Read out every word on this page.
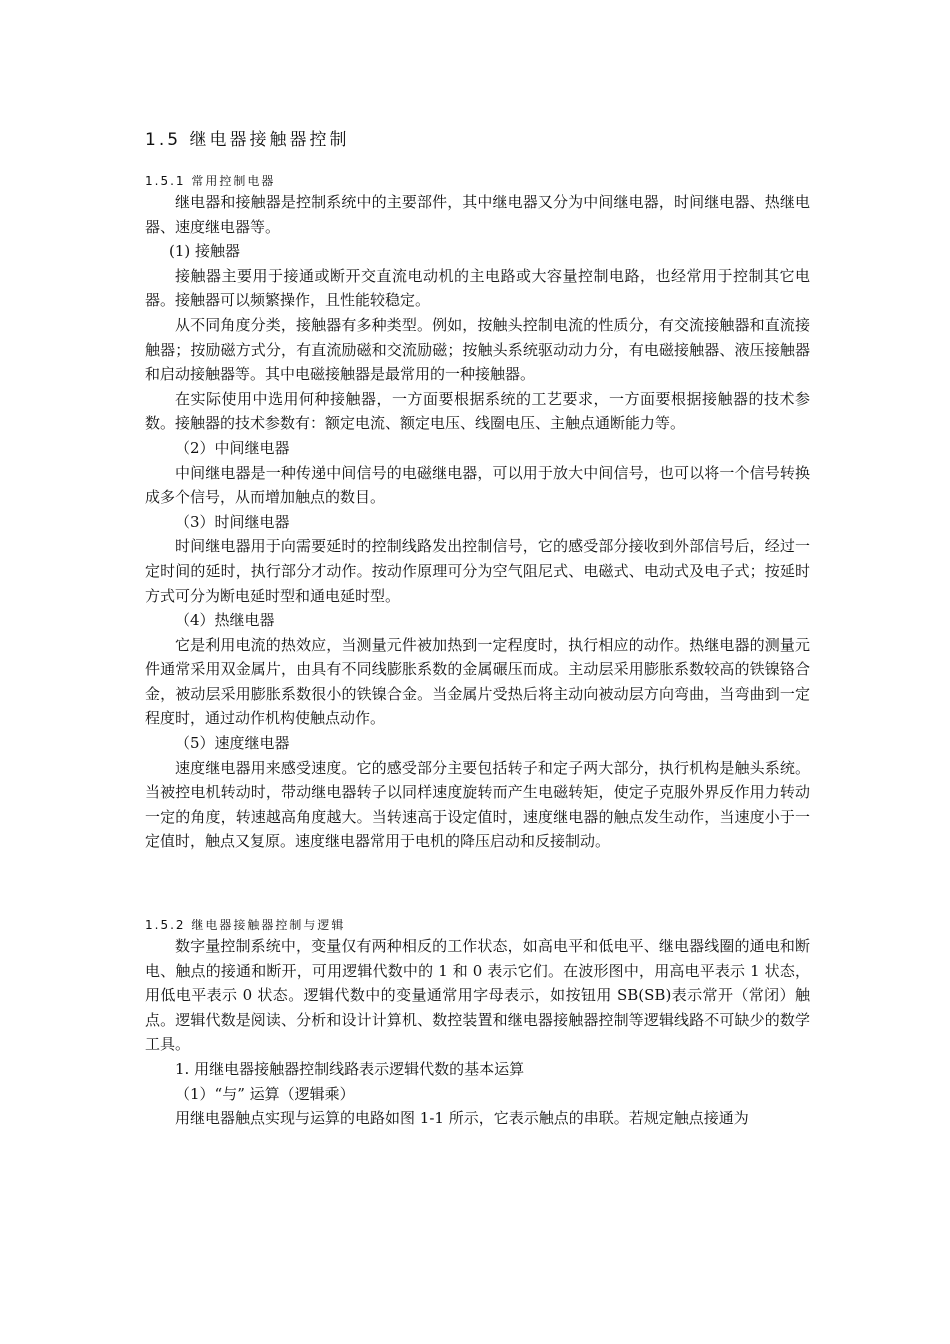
1.5 继电器接触器控制
1.5.1 常用控制电器

继电器和接触器是控制系统中的主要部件，其中继电器又分为中间继电器，时间继电器、热继电器、速度继电器等。

(1) 接触器

接触器主要用于接通或断开交直流电动机的主电路或大容量控制电路，也经常用于控制其它电器。接触器可以频繁操作，且性能较稳定。

从不同角度分类，接触器有多种类型。例如，按触头控制电流的性质分，有交流接触器和直流接触器；按励磁方式分，有直流励磁和交流励磁；按触头系统驱动动力分，有电磁接触器、液压接触器和启动接触器等。其中电磁接触器是最常用的一种接触器。

在实际使用中选用何种接触器，一方面要根据系统的工艺要求，一方面要根据接触器的技术参数。接触器的技术参数有：额定电流、额定电压、线圈电压、主触点通断能力等。

（2）中间继电器

中间继电器是一种传递中间信号的电磁继电器，可以用于放大中间信号，也可以将一个信号转换成多个信号，从而增加触点的数目。

（3）时间继电器

时间继电器用于向需要延时的控制线路发出控制信号，它的感受部分接收到外部信号后，经过一定时间的延时，执行部分才动作。按动作原理可分为空气阻尼式、电磁式、电动式及电子式；按延时方式可分为断电延时型和通电延时型。

（4）热继电器

它是利用电流的热效应，当测量元件被加热到一定程度时，执行相应的动作。热继电器的测量元件通常采用双金属片，由具有不同线膨胀系数的金属碾压而成。主动层采用膨胀系数较高的铁镍铬合金，被动层采用膨胀系数很小的铁镍合金。当金属片受热后将主动向被动层方向弯曲，当弯曲到一定程度时，通过动作机构使触点动作。

（5）速度继电器

速度继电器用来感受速度。它的感受部分主要包括转子和定子两大部分，执行机构是触头系统。当被控电机转动时，带动继电器转子以同样速度旋转而产生电磁转矩，使定子克服外界反作用力转动一定的角度，转速越高角度越大。当转速高于设定值时，速度继电器的触点发生动作，当速度小于一定值时，触点又复原。速度继电器常用于电机的降压启动和反接制动。

1.5.2 继电器接触器控制与逻辑

数字量控制系统中，变量仅有两种相反的工作状态，如高电平和低电平、继电器线圈的通电和断电、触点的接通和断开，可用逻辑代数中的 1 和 0 表示它们。在波形图中，用高电平表示 1 状态，用低电平表示 0 状态。逻辑代数中的变量通常用字母表示，如按钮用 SB(SB)表示常开（常闭）触点。逻辑代数是阅读、分析和设计计算机、数控装置和继电器接触器控制等逻辑线路不可缺少的数学工具。

1. 用继电器接触器控制线路表示逻辑代数的基本运算

（1）“与” 运算（逻辑乘）

用继电器触点实现与运算的电路如图 1-1 所示，它表示触点的串联。若规定触点接通为
